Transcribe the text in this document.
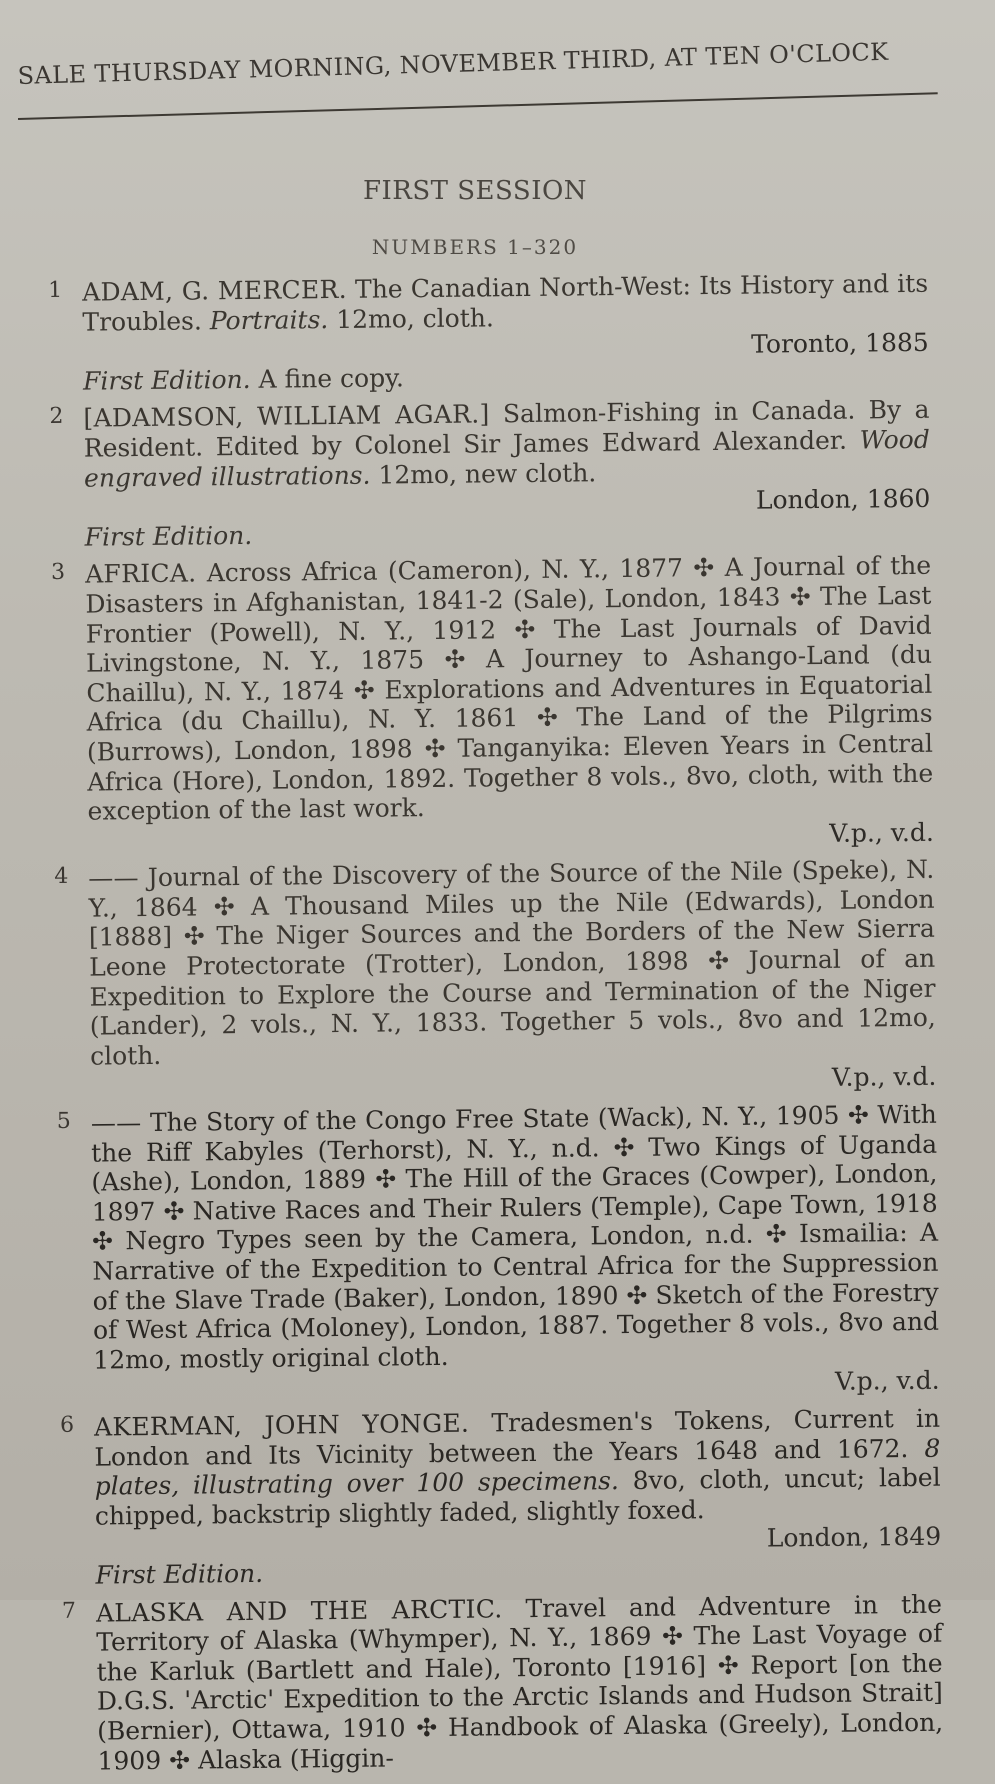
SALE THURSDAY MORNING, NOVEMBER THIRD, AT TEN O'CLOCK
FIRST SESSION
NUMBERS 1–320
1 ADAM, G. MERCER. The Canadian North-West: Its History and its Troubles. Portraits. 12mo, cloth.
Toronto, 1885
First Edition. A fine copy.
2 [ADAMSON, WILLIAM AGAR.] Salmon-Fishing in Canada. By a Resident. Edited by Colonel Sir James Edward Alexander. Wood engraved illustrations. 12mo, new cloth.
London, 1860
First Edition.
3 AFRICA. Across Africa (Cameron), N. Y., 1877 ✣ A Journal of the Disasters in Afghanistan, 1841-2 (Sale), London, 1843 ✣ The Last Frontier (Powell), N. Y., 1912 ✣ The Last Journals of David Livingstone, N. Y., 1875 ✣ A Journey to Ashango-Land (du Chaillu), N. Y., 1874 ✣ Explorations and Adventures in Equatorial Africa (du Chaillu), N. Y. 1861 ✣ The Land of the Pilgrims (Burrows), London, 1898 ✣ Tanganyika: Eleven Years in Central Africa (Hore), London, 1892. Together 8 vols., 8vo, cloth, with the exception of the last work.
V.p., v.d.
4 —— Journal of the Discovery of the Source of the Nile (Speke), N. Y., 1864 ✣ A Thousand Miles up the Nile (Edwards), London [1888] ✣ The Niger Sources and the Borders of the New Sierra Leone Protectorate (Trotter), London, 1898 ✣ Journal of an Expedition to Explore the Course and Termination of the Niger (Lander), 2 vols., N. Y., 1833. Together 5 vols., 8vo and 12mo, cloth.
V.p., v.d.
5 —— The Story of the Congo Free State (Wack), N. Y., 1905 ✣ With the Riff Kabyles (Terhorst), N. Y., n.d. ✣ Two Kings of Uganda (Ashe), London, 1889 ✣ The Hill of the Graces (Cowper), London, 1897 ✣ Native Races and Their Rulers (Temple), Cape Town, 1918 ✣ Negro Types seen by the Camera, London, n.d. ✣ Ismailia: A Narrative of the Expedition to Central Africa for the Suppression of the Slave Trade (Baker), London, 1890 ✣ Sketch of the Forestry of West Africa (Moloney), London, 1887. Together 8 vols., 8vo and 12mo, mostly original cloth.
V.p., v.d.
6 AKERMAN, JOHN YONGE. Tradesmen's Tokens, Current in London and Its Vicinity between the Years 1648 and 1672. 8 plates, illustrating over 100 specimens. 8vo, cloth, uncut; label chipped, backstrip slightly faded, slightly foxed.
London, 1849
First Edition.
7 ALASKA AND THE ARCTIC. Travel and Adventure in the Territory of Alaska (Whymper), N. Y., 1869 ✣ The Last Voyage of the Karluk (Bartlett and Hale), Toronto [1916] ✣ Report [on the D.G.S. 'Arctic' Expedition to the Arctic Islands and Hudson Strait] (Bernier), Ottawa, 1910 ✣ Handbook of Alaska (Greely), London, 1909 ✣ Alaska (Higgin-
